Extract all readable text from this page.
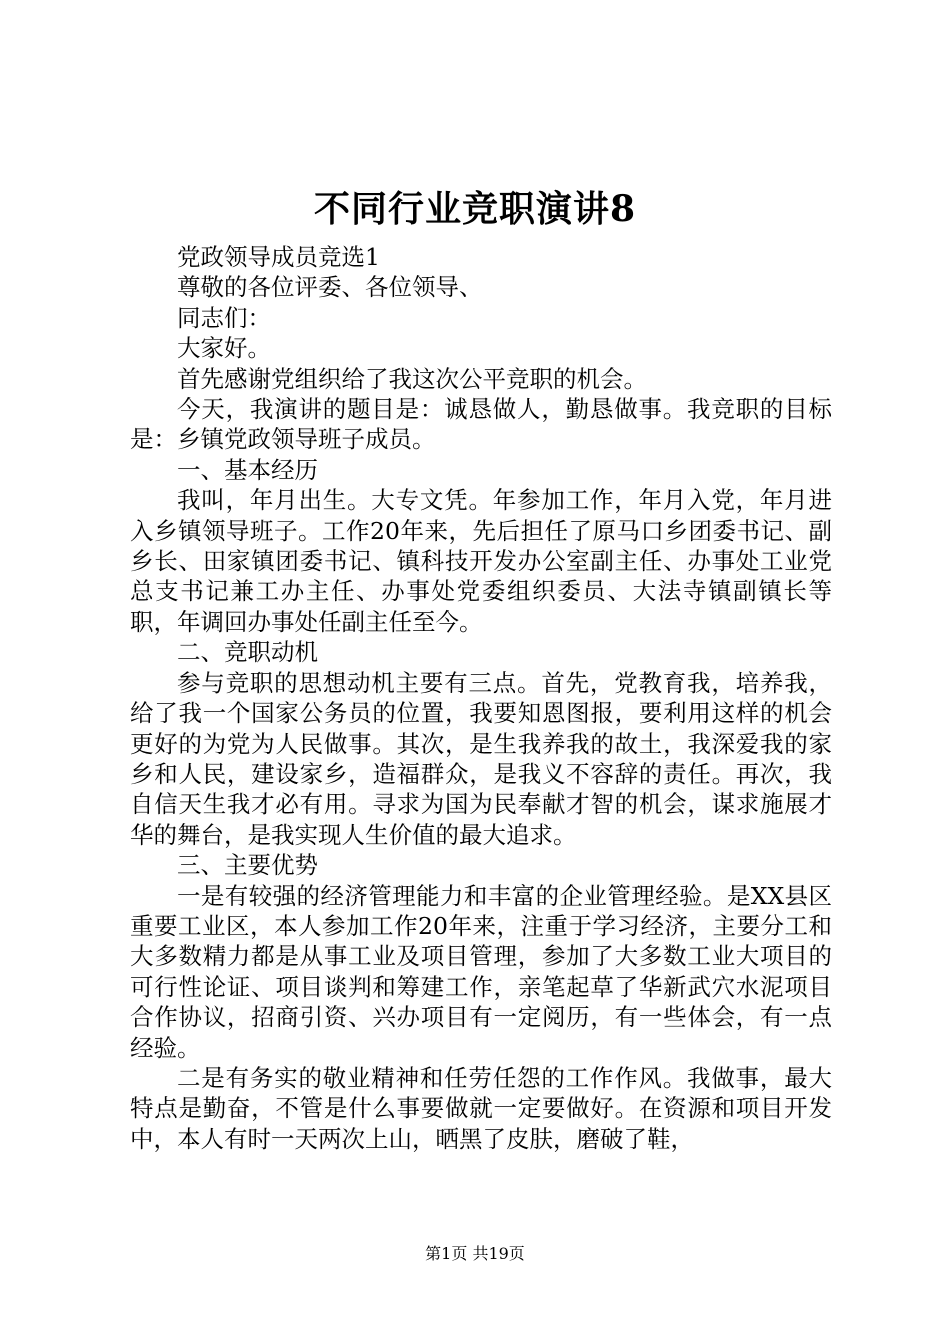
不同行业竞职演讲8

党政领导成员竞选1

尊敬的各位评委、各位领导、

同志们：

大家好。

首先感谢党组织给了我这次公平竞职的机会。

今天，我演讲的题目是：诚恳做人，勤恳做事。我竞职的目标是：乡镇党政领导班子成员。

一、基本经历

我叫，年月出生。大专文凭。年参加工作，年月入党，年月进入乡镇领导班子。工作20年来，先后担任了原马口乡团委书记、副乡长、田家镇团委书记、镇科技开发办公室副主任、办事处工业党总支书记兼工办主任、办事处党委组织委员、大法寺镇副镇长等职，年调回办事处任副主任至今。

二、竞职动机

参与竞职的思想动机主要有三点。首先，党教育我，培养我，给了我一个国家公务员的位置，我要知恩图报，要利用这样的机会更好的为党为人民做事。其次，是生我养我的故土，我深爱我的家乡和人民，建设家乡，造福群众，是我义不容辞的责任。再次，我自信天生我才必有用。寻求为国为民奉献才智的机会，谋求施展才华的舞台，是我实现人生价值的最大追求。

三、主要优势

一是有较强的经济管理能力和丰富的企业管理经验。是XX县区重要工业区，本人参加工作20年来，注重于学习经济，主要分工和大多数精力都是从事工业及项目管理，参加了大多数工业大项目的可行性论证、项目谈判和筹建工作，亲笔起草了华新武穴水泥项目合作协议，招商引资、兴办项目有一定阅历，有一些体会，有一点经验。

二是有务实的敬业精神和任劳任怨的工作作风。我做事，最大特点是勤奋，不管是什么事要做就一定要做好。在资源和项目开发中，本人有时一天两次上山，晒黑了皮肤，磨破了鞋，

第1页 共19页
